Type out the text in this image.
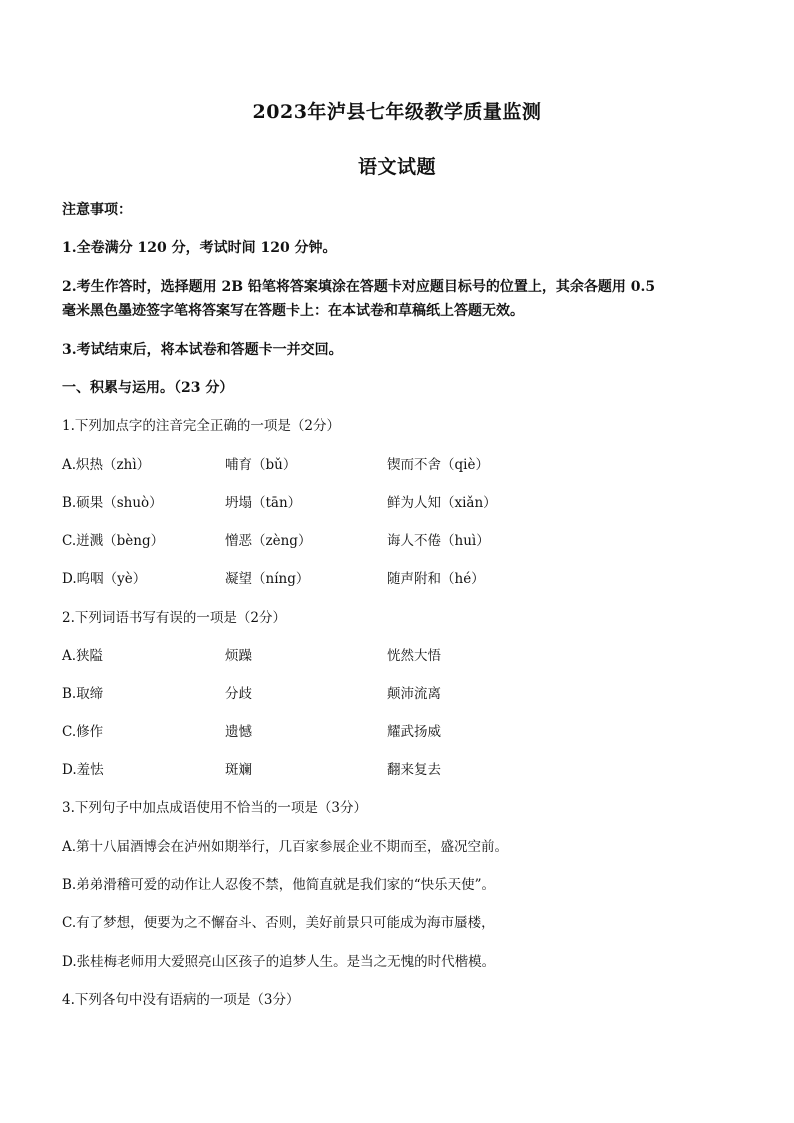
2023年泸县七年级教学质量监测
语文试题
注意事项：
1.全卷满分 120 分，考试时间 120 分钟。
2.考生作答时，选择题用 2B 铅笔将答案填涂在答题卡对应题目标号的位置上，其余各题用 0.5
毫米黑色墨迹签字笔将答案写在答题卡上：在本试卷和草稿纸上答题无效。
3.考试结束后，将本试卷和答题卡一并交回。
一、积累与运用。（23 分）
1.下列加点字的注音完全正确的一项是（2分）
A.炽热（zhì）	哺育（bǔ）	锲而不舍（qiè）
B.硕果（shuò）	坍塌（tān）	鲜为人知（xiǎn）
C.迸溅（bèng）	憎恶（zèng）	诲人不倦（huì）
D.呜咽（yè）	凝望（níng）	随声附和（hé）
2.下列词语书写有误的一项是（2分）
A.狭隘	烦躁	恍然大悟
B.取缔	分歧	颠沛流离
C.修作	遗憾	耀武扬威
D.羞怯	斑斓	翻来复去
3.下列句子中加点成语使用不恰当的一项是（3分）
A.第十八届酒博会在泸州如期举行，几百家参展企业不期而至，盛况空前。
B.弟弟滑稽可爱的动作让人忍俊不禁，他简直就是我们家的“快乐天使”。
C.有了梦想，便要为之不懈奋斗、否则，美好前景只可能成为海市蜃楼，
D.张桂梅老师用大爱照亮山区孩子的追梦人生。是当之无愧的时代楷模。
4.下列各句中没有语病的一项是（3分）
